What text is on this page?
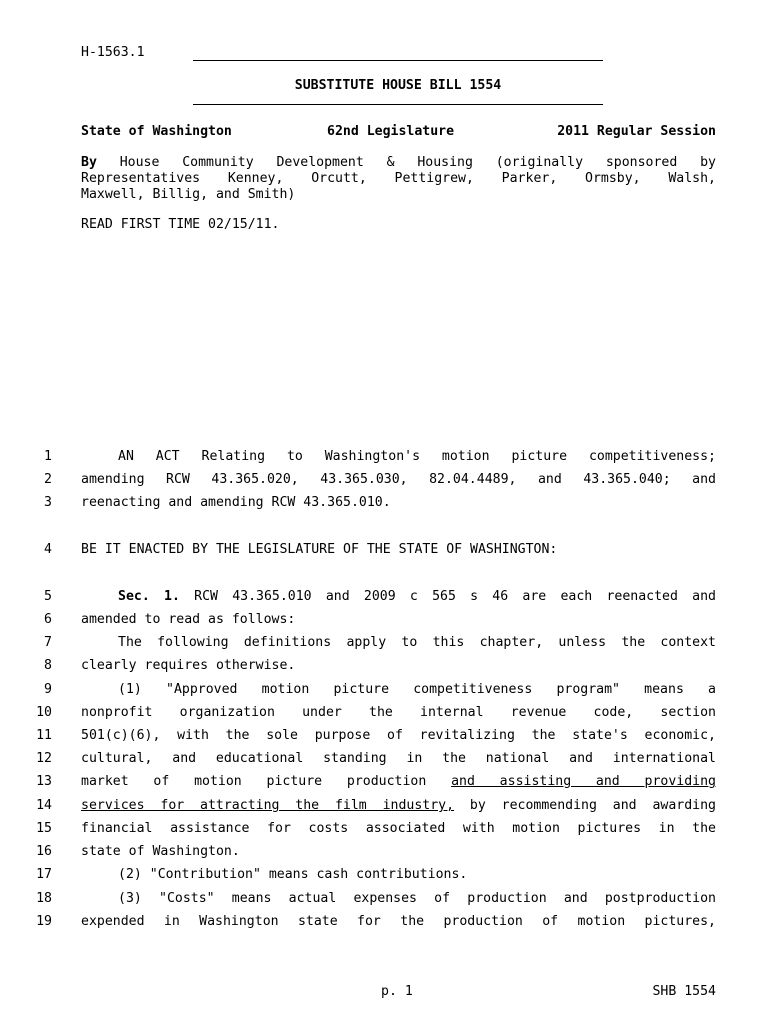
H-1563.1
SUBSTITUTE HOUSE BILL 1554
State of Washington	62nd Legislature	2011 Regular Session
By House Community Development & Housing (originally sponsored by
Representatives Kenney, Orcutt, Pettigrew, Parker, Ormsby, Walsh,
Maxwell, Billig, and Smith)
READ FIRST TIME 02/15/11.
1	AN ACT Relating to Washington's motion picture competitiveness;
2 amending RCW 43.365.020, 43.365.030, 82.04.4489, and 43.365.040; and
3 reenacting and amending RCW 43.365.010.
4 BE IT ENACTED BY THE LEGISLATURE OF THE STATE OF WASHINGTON:
5	Sec. 1. RCW 43.365.010 and 2009 c 565 s 46 are each reenacted and
6 amended to read as follows:
7	The following definitions apply to this chapter, unless the context
8 clearly requires otherwise.
9	(1) "Approved motion picture competitiveness program" means a
10 nonprofit organization under the internal revenue code, section
11 501(c)(6), with the sole purpose of revitalizing the state's economic,
12 cultural, and educational standing in the national and international
13 market of motion picture production and assisting and providing
14 services for attracting the film industry, by recommending and awarding
15 financial assistance for costs associated with motion pictures in the
16 state of Washington.
17	(2) "Contribution" means cash contributions.
18	(3) "Costs" means actual expenses of production and postproduction
19 expended in Washington state for the production of motion pictures,
p. 1	SHB 1554
